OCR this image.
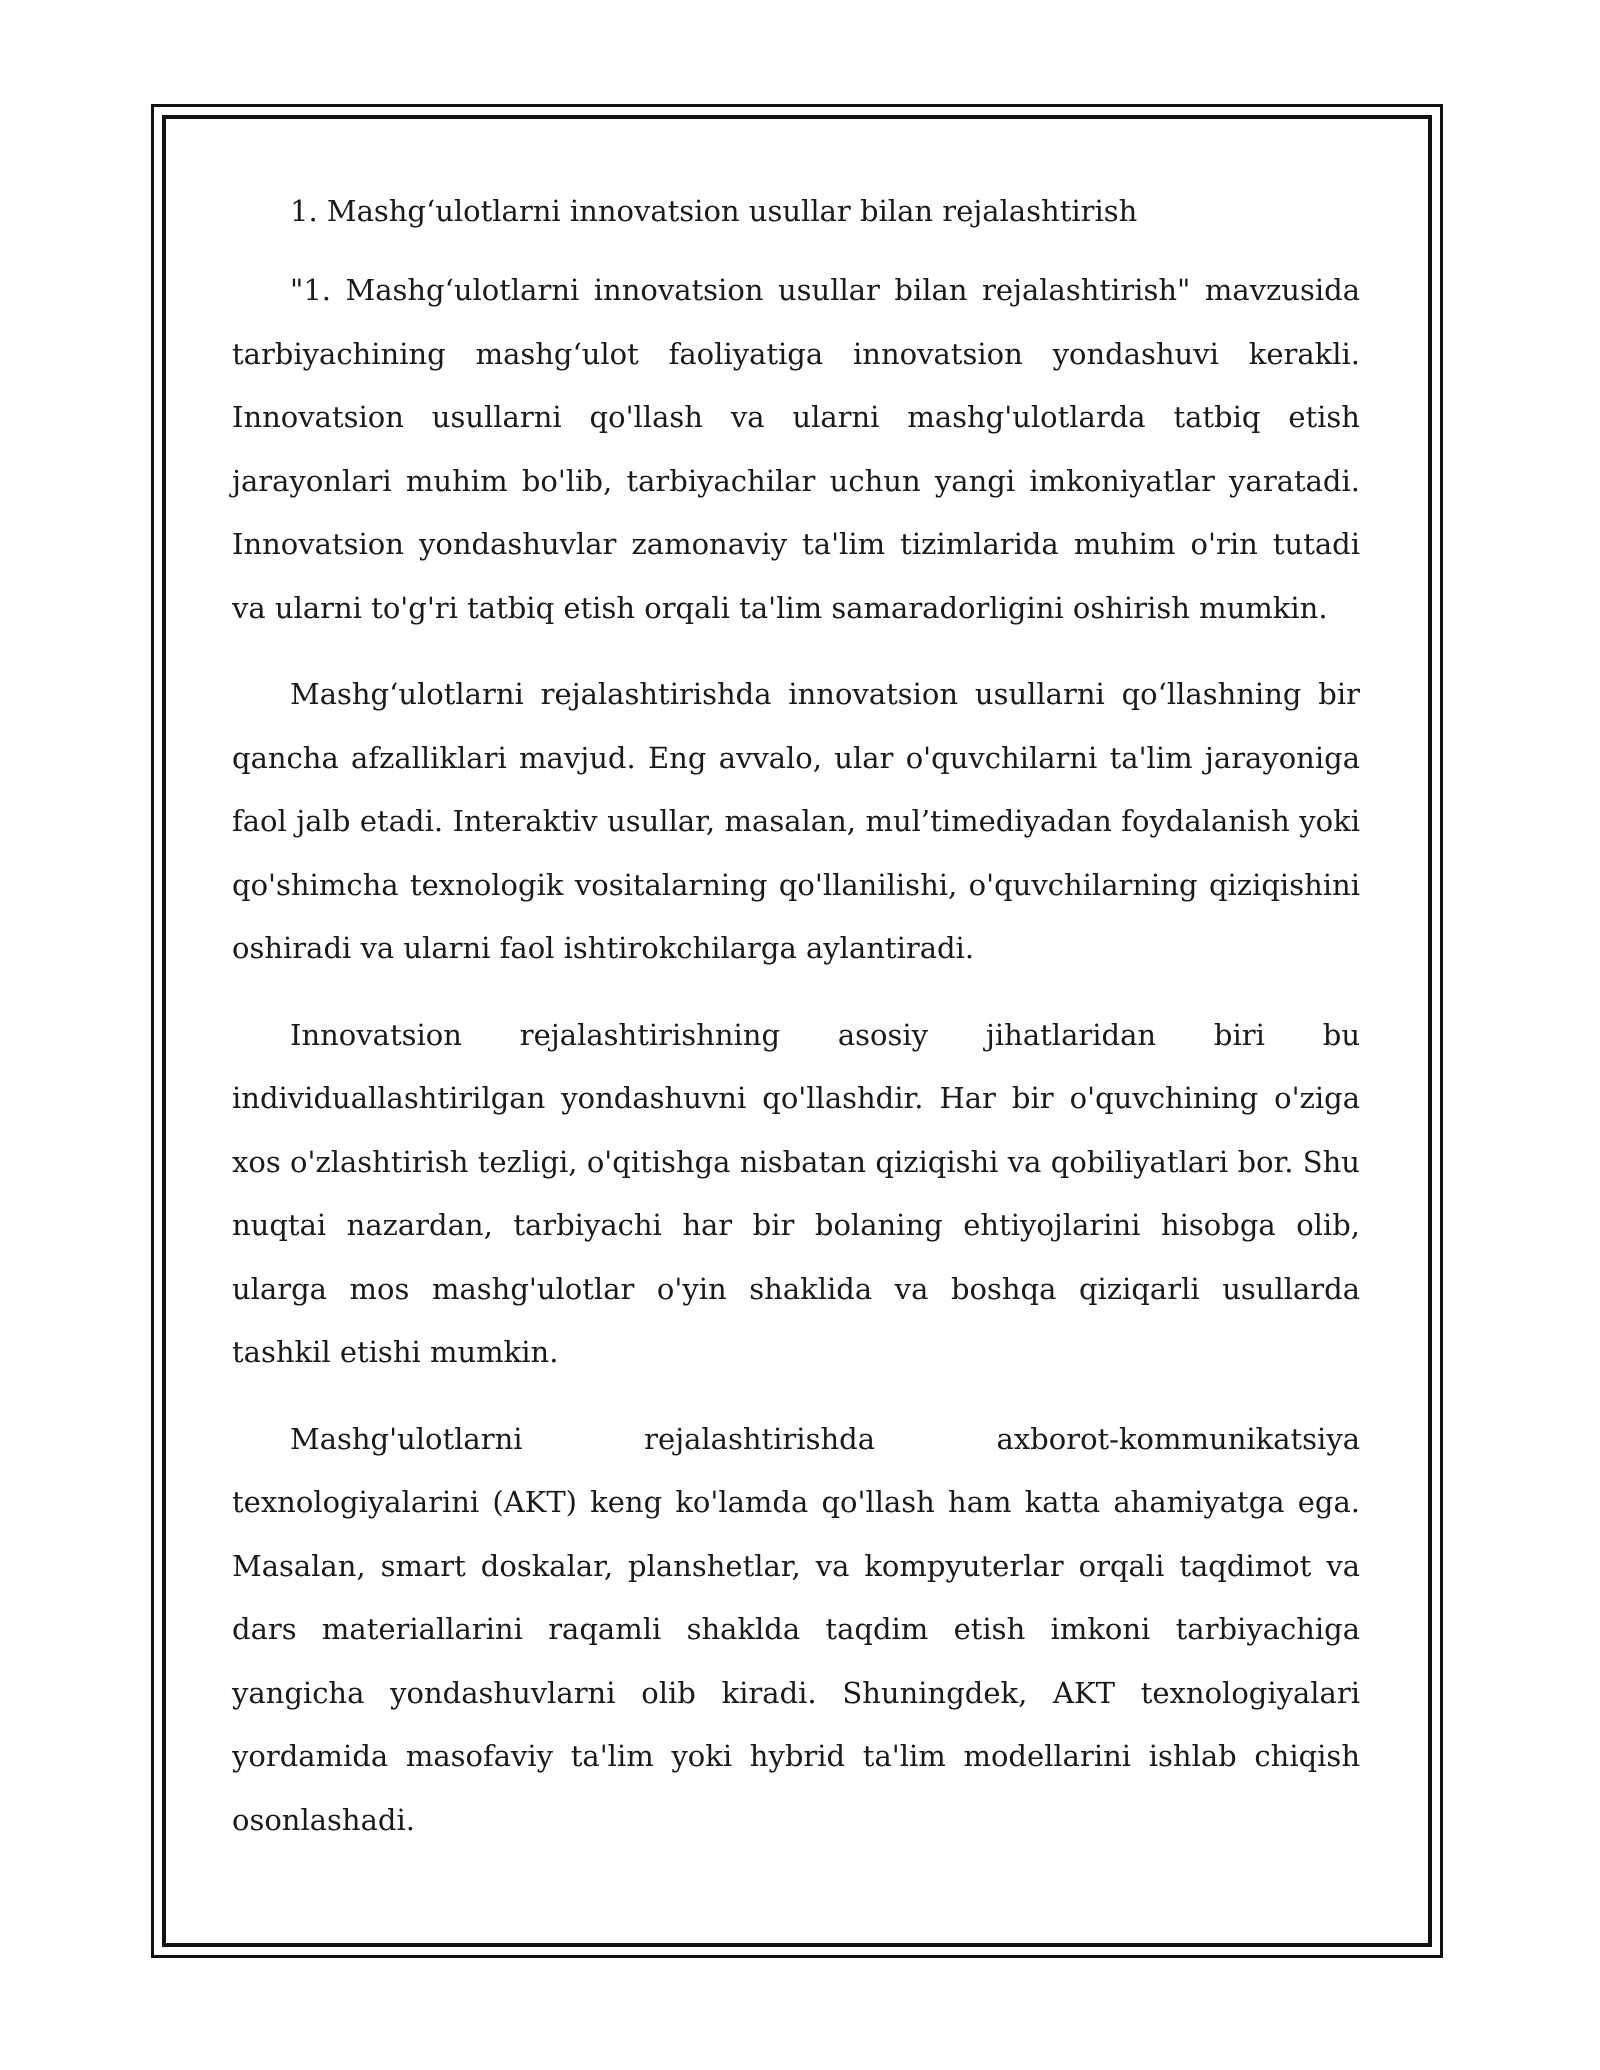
1. Mashg‘ulotlarni innovatsion usullar bilan rejalashtirish

"1. Mashg‘ulotlarni innovatsion usullar bilan rejalashtirish" mavzusida tarbiyachining mashg‘ulot faoliyatiga innovatsion yondashuvi kerakli. Innovatsion usullarni qo'llash va ularni mashg'ulotlarda tatbiq etish jarayonlari muhim bo'lib, tarbiyachilar uchun yangi imkoniyatlar yaratadi. Innovatsion yondashuvlar zamonaviy ta'lim tizimlarida muhim o'rin tutadi va ularni to'g'ri tatbiq etish orqali ta'lim samaradorligini oshirish mumkin.

Mashg‘ulotlarni rejalashtirishda innovatsion usullarni qo‘llashning bir qancha afzalliklari mavjud. Eng avvalo, ular o'quvchilarni ta'lim jarayoniga faol jalb etadi. Interaktiv usullar, masalan, mul’timediyadan foydalanish yoki qo'shimcha texnologik vositalarning qo'llanilishi, o'quvchilarning qiziqishini oshiradi va ularni faol ishtirokchilarga aylantiradi.

Innovatsion rejalashtirishning asosiy jihatlaridan biri bu individuallashtirilgan yondashuvni qo'llashdir. Har bir o'quvchining o'ziga xos o'zlashtirish tezligi, o'qitishga nisbatan qiziqishi va qobiliyatlari bor. Shu nuqtai nazardan, tarbiyachi har bir bolaning ehtiyojlarini hisobga olib, ularga mos mashg'ulotlar o'yin shaklida va boshqa qiziqarli usullarda tashkil etishi mumkin.

Mashg'ulotlarni rejalashtirishda axborot-kommunikatsiya texnologiyalarini (AKT) keng ko'lamda qo'llash ham katta ahamiyatga ega. Masalan, smart doskalar, planshetlar, va kompyuterlar orqali taqdimot va dars materiallarini raqamli shaklda taqdim etish imkoni tarbiyachiga yangicha yondashuvlarni olib kiradi. Shuningdek, AKT texnologiyalari yordamida masofaviy ta'lim yoki hybrid ta'lim modellarini ishlab chiqish osonlashadi.
